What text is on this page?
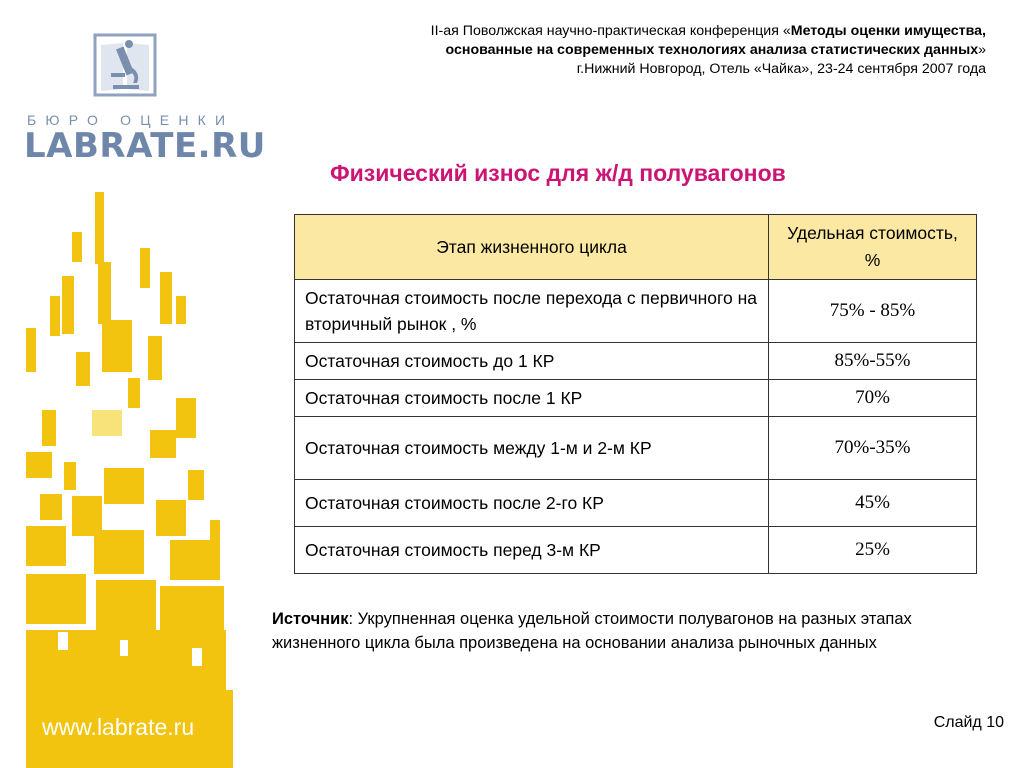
www.labrate.ru
БЮРО ОЦЕНКИ
LABRATE.RU
II-ая Поволжская научно-практическая конференция «Методы оценки имущества,
основанные на современных технологиях анализа статистических данных»
г.Нижний Новгород, Отель «Чайка», 23-24 сентября 2007 года
Физический износ для ж/д полувагонов
Этап жизненного цикла	Удельная стоимость, %
Остаточная стоимость после перехода с первичного на вторичный рынок , %	75% - 85%
Остаточная стоимость до 1 КР	85%-55%
Остаточная стоимость после 1 КР	70%
Остаточная стоимость между 1-м и 2-м КР	70%-35%
Остаточная стоимость после 2-го КР	45%
Остаточная стоимость перед 3-м КР	25%
Источник: Укрупненная оценка удельной стоимости полувагонов на разных этапах жизненного цикла была произведена на основании анализа рыночных данных
Слайд 10
